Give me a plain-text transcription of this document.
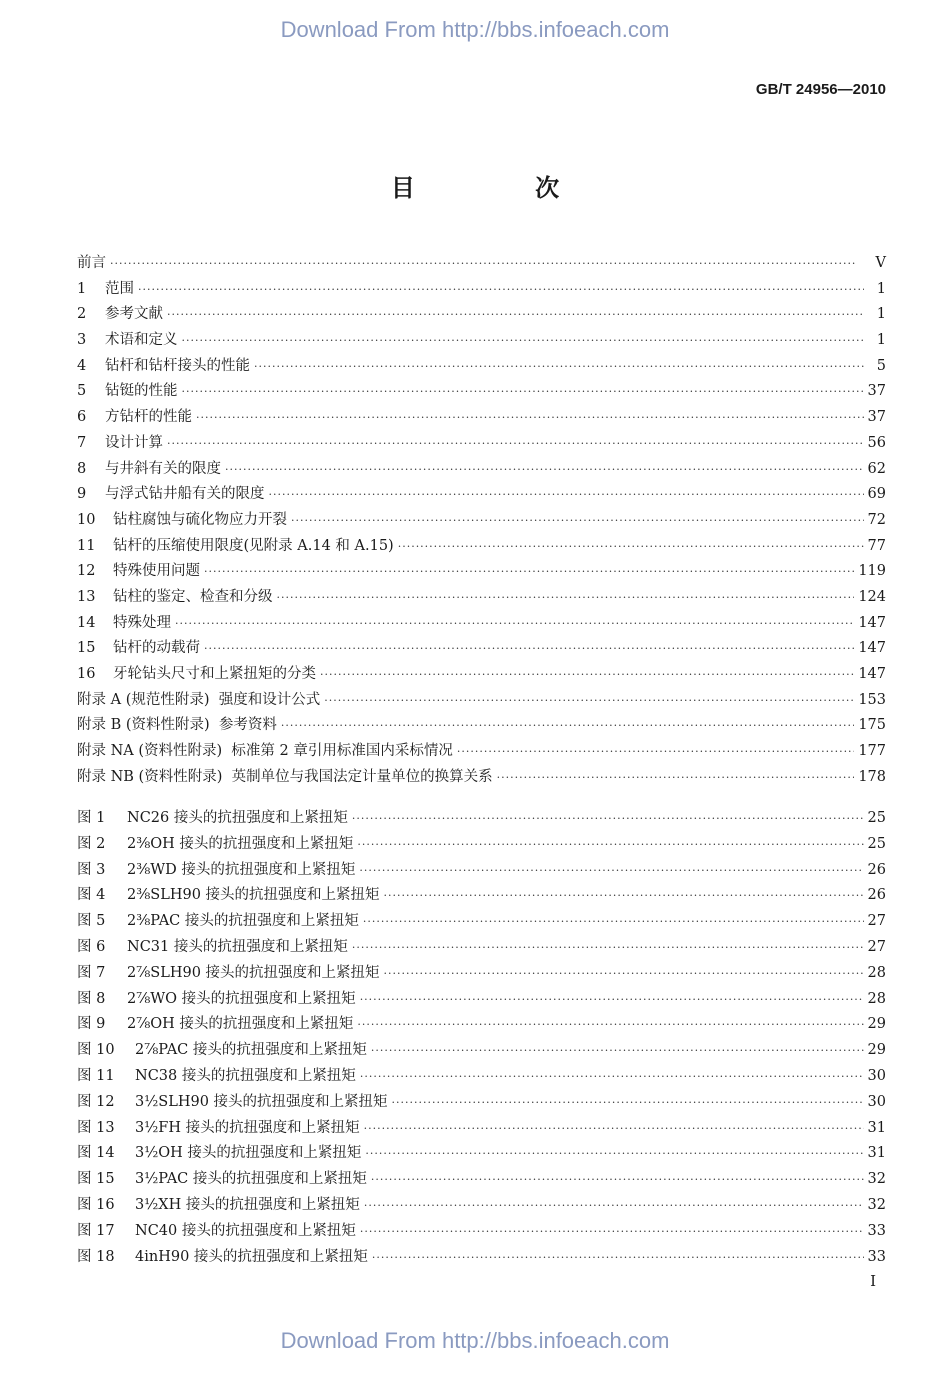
Download From http://bbs.infoeach.com
GB/T 24956—2010
目 次
前言 ·····	V
1	范围 ·····	1
2	参考文献 ·····	1
3	术语和定义 ·····	1
4	钻杆和钻杆接头的性能 ·····	5
5	钻铤的性能 ·····	37
6	方钻杆的性能 ·····	37
7	设计计算 ·····	56
8	与井斜有关的限度 ·····	62
9	与浮式钻井船有关的限度 ·····	69
10	钻柱腐蚀与硫化物应力开裂 ·····	72
11	钻杆的压缩使用限度(见附录 A.14 和 A.15) ·····	77
12	特殊使用问题 ·····	119
13	钻柱的鉴定、检查和分级 ·····	124
14	特殊处理 ·····	147
15	钻杆的动载荷 ·····	147
16	牙轮钻头尺寸和上紧扭矩的分类 ·····	147
附录 A (规范性附录)  强度和设计公式 ·····	153
附录 B (资料性附录)  参考资料 ·····	175
附录 NA (资料性附录)  标准第 2 章引用标准国内采标情况 ·····	177
附录 NB (资料性附录)  英制单位与我国法定计量单位的换算关系 ·····	178
图 1	NC26 接头的抗扭强度和上紧扭矩 ·····	25
图 2	2⅜OH 接头的抗扭强度和上紧扭矩 ·····	25
图 3	2⅜WD 接头的抗扭强度和上紧扭矩 ·····	26
图 4	2⅜SLH90 接头的抗扭强度和上紧扭矩 ·····	26
图 5	2⅜PAC 接头的抗扭强度和上紧扭矩 ·····	27
图 6	NC31 接头的抗扭强度和上紧扭矩 ·····	27
图 7	2⅞SLH90 接头的抗扭强度和上紧扭矩 ·····	28
图 8	2⅞WO 接头的抗扭强度和上紧扭矩 ·····	28
图 9	2⅞OH 接头的抗扭强度和上紧扭矩 ·····	29
图 10	2⅞PAC 接头的抗扭强度和上紧扭矩 ·····	29
图 11	NC38 接头的抗扭强度和上紧扭矩 ·····	30
图 12	3½SLH90 接头的抗扭强度和上紧扭矩 ·····	30
图 13	3½FH 接头的抗扭强度和上紧扭矩 ·····	31
图 14	3½OH 接头的抗扭强度和上紧扭矩 ·····	31
图 15	3½PAC 接头的抗扭强度和上紧扭矩 ·····	32
图 16	3½XH 接头的抗扭强度和上紧扭矩 ·····	32
图 17	NC40 接头的抗扭强度和上紧扭矩 ·····	33
图 18	4inH90 接头的抗扭强度和上紧扭矩 ·····	33
I
Download From http://bbs.infoeach.com
